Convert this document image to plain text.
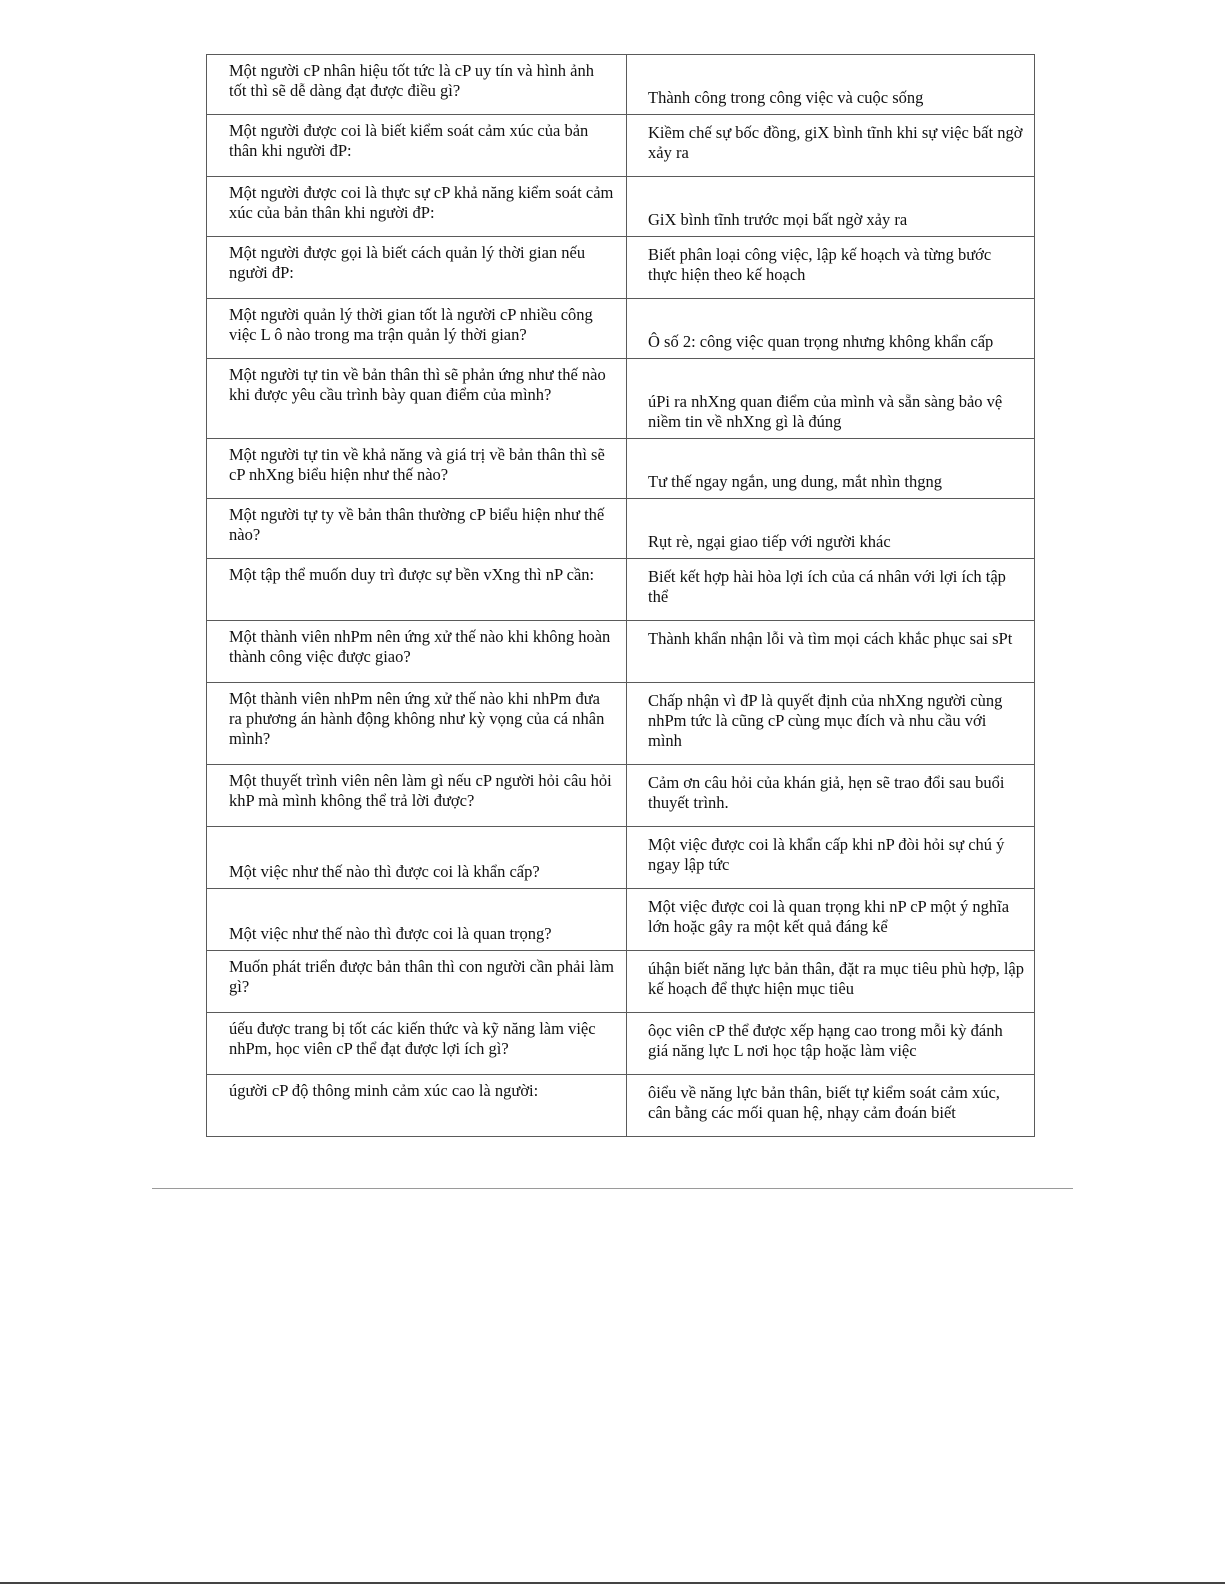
Một người cP nhân hiệu tốt tức là cP uy tín và hình ảnh tốt thì sẽ dễ dàng đạt được điều gì?	Thành công trong công việc và cuộc sống
Một người được coi là biết kiểm soát cảm xúc của bản thân khi người đP:	Kiềm chế sự bốc đồng, giX bình tĩnh khi sự việc bất ngờ xảy ra
Một người được coi là thực sự cP khả năng kiểm soát cảm xúc của bản thân khi người đP:	GiX bình tĩnh trước mọi bất ngờ xảy ra
Một người được gọi là biết cách quản lý thời gian nếu người đP:	Biết phân loại công việc, lập kế hoạch và từng bước thực hiện theo kế hoạch
Một người quản lý thời gian tốt là người cP nhiều công việc L ô nào trong ma trận quản lý thời gian?	Ô số 2: công việc quan trọng nhưng không khẩn cấp
Một người tự tin về bản thân thì sẽ phản ứng như thế nào khi được yêu cầu trình bày quan điểm của mình?	úPi ra nhXng quan điểm của mình và sẵn sàng bảo vệ niềm tin về nhXng gì là đúng
Một người tự tin về khả năng và giá trị về bản thân thì sẽ cP nhXng biểu hiện như thế nào?	Tư thế ngay ngắn, ung dung, mắt nhìn thgng
Một người tự ty về bản thân thường cP biểu hiện như thế nào?	Rụt rè, ngại giao tiếp với người khác
Một tập thể muốn duy trì được sự bền vXng thì nP cần:	Biết kết hợp hài hòa lợi ích của cá nhân với lợi ích tập thể
Một thành viên nhPm nên ứng xử thế nào khi không hoàn thành công việc được giao?	Thành khẩn nhận lỗi và tìm mọi cách khắc phục sai sPt
Một thành viên nhPm nên ứng xử thế nào khi nhPm đưa ra phương án hành động không như kỳ vọng của cá nhân mình?	Chấp nhận vì đP là quyết định của nhXng người cùng nhPm tức là cũng cP cùng mục đích và nhu cầu với mình
Một thuyết trình viên nên làm gì nếu cP người hỏi câu hỏi khP mà mình không thể trả lời được?	Cảm ơn câu hỏi của khán giả, hẹn sẽ trao đổi sau buổi thuyết trình.
Một việc như thế nào thì được coi là khẩn cấp?	Một việc được coi là khẩn cấp khi nP đòi hỏi sự chú ý ngay lập tức
Một việc như thế nào thì được coi là quan trọng?	Một việc được coi là quan trọng khi nP cP một ý nghĩa lớn hoặc gây ra một kết quả đáng kể
Muốn phát triển được bản thân thì con người cần phải làm gì?	úhận biết năng lực bản thân, đặt ra mục tiêu phù hợp, lập kế hoạch để thực hiện mục tiêu
úếu được trang bị tốt các kiến thức và kỹ năng làm việc nhPm, học viên cP thể đạt được lợi ích gì?	ôọc viên cP thể được xếp hạng cao trong mỗi kỳ đánh giá năng lực L nơi học tập hoặc làm việc
úgười cP độ thông minh cảm xúc cao là người:	ôiểu về năng lực bản thân, biết tự kiểm soát cảm xúc, cân bằng các mối quan hệ, nhạy cảm đoán biết
